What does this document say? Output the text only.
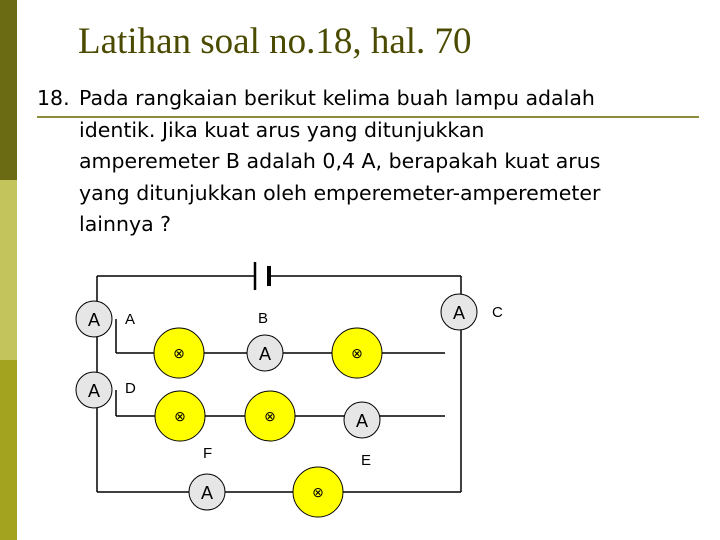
Latihan soal no.18, hal. 70
18. Pada rangkaian berikut kelima buah lampu adalah
identik. Jika kuat arus yang ditunjukkan
amperemeter B adalah 0,4 A, berapakah kuat arus
yang ditunjukkan oleh emperemeter-amperemeter
lainnya ?
⊗	⊗
⊗	⊗
⊗
A
A
A
A
A
A
A	B	C
D
E
F
